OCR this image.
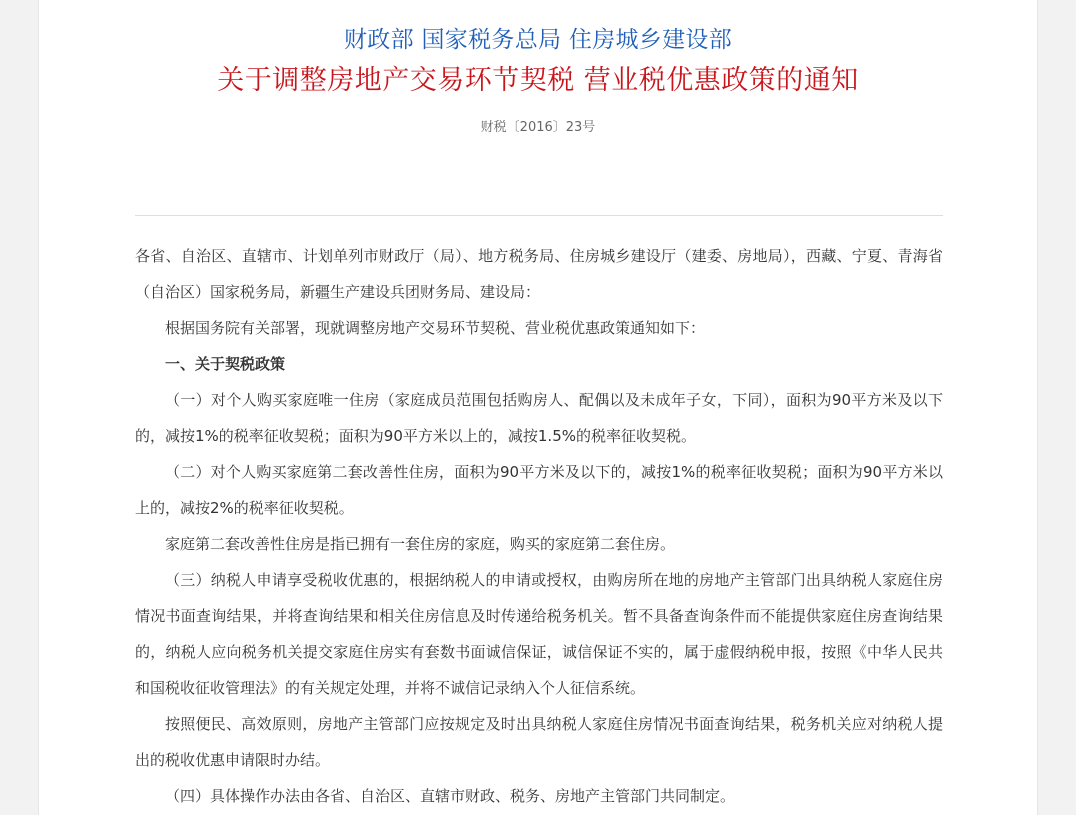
财政部 国家税务总局 住房城乡建设部
关于调整房地产交易环节契税 营业税优惠政策的通知
财税〔2016〕23号

各省、自治区、直辖市、计划单列市财政厅（局）、地方税务局、住房城乡建设厅（建委、房地局），西藏、宁夏、青海省（自治区）国家税务局，新疆生产建设兵团财务局、建设局：

根据国务院有关部署，现就调整房地产交易环节契税、营业税优惠政策通知如下：

一、关于契税政策

（一）对个人购买家庭唯一住房（家庭成员范围包括购房人、配偶以及未成年子女，下同），面积为90平方米及以下的，减按1%的税率征收契税；面积为90平方米以上的，减按1.5%的税率征收契税。

（二）对个人购买家庭第二套改善性住房，面积为90平方米及以下的，减按1%的税率征收契税；面积为90平方米以上的，减按2%的税率征收契税。

家庭第二套改善性住房是指已拥有一套住房的家庭，购买的家庭第二套住房。

（三）纳税人申请享受税收优惠的，根据纳税人的申请或授权，由购房所在地的房地产主管部门出具纳税人家庭住房情况书面查询结果，并将查询结果和相关住房信息及时传递给税务机关。暂不具备查询条件而不能提供家庭住房查询结果的，纳税人应向税务机关提交家庭住房实有套数书面诚信保证，诚信保证不实的，属于虚假纳税申报，按照《中华人民共和国税收征收管理法》的有关规定处理，并将不诚信记录纳入个人征信系统。

按照便民、高效原则，房地产主管部门应按规定及时出具纳税人家庭住房情况书面查询结果，税务机关应对纳税人提出的税收优惠申请限时办结。

（四）具体操作办法由各省、自治区、直辖市财政、税务、房地产主管部门共同制定。
